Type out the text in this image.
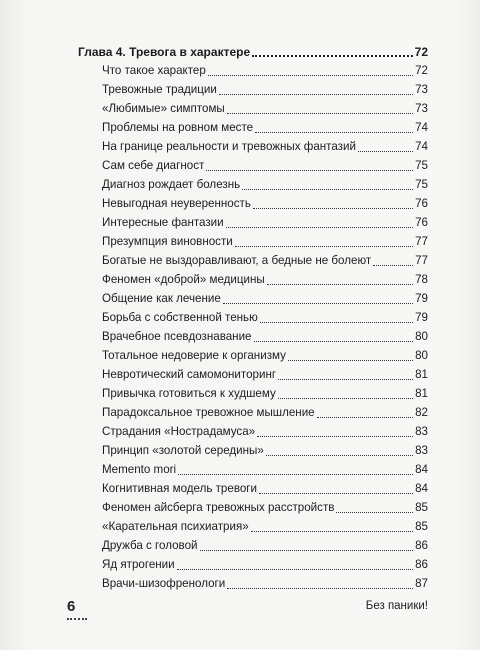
Глава 4. Тревога в характере	72
Что такое характер	72
Тревожные традиции	73
«Любимые» симптомы	73
Проблемы на ровном месте	74
На границе реальности и тревожных фантазий	74
Сам себе диагност	75
Диагноз рождает болезнь	75
Невыгодная неуверенность	76
Интересные фантазии	76
Презумпция виновности	77
Богатые не выздоравливают, а бедные не болеют	77
Феномен «доброй» медицины	78
Общение как лечение	79
Борьба с собственной тенью	79
Врачебное псевдознавание	80
Тотальное недоверие к организму	80
Невротический самомониторинг	81
Привычка готовиться к худшему	81
Парадоксальное тревожное мышление	82
Страдания «Нострадамуса»	83
Принцип «золотой середины»	83
Memento mori	84
Когнитивная модель тревоги	84
Феномен айсберга тревожных расстройств	85
«Карательная психиатрия»	85
Дружба с головой	86
Яд ятрогении	86
Врачи-шизофренологи	87
6	Без паники!
